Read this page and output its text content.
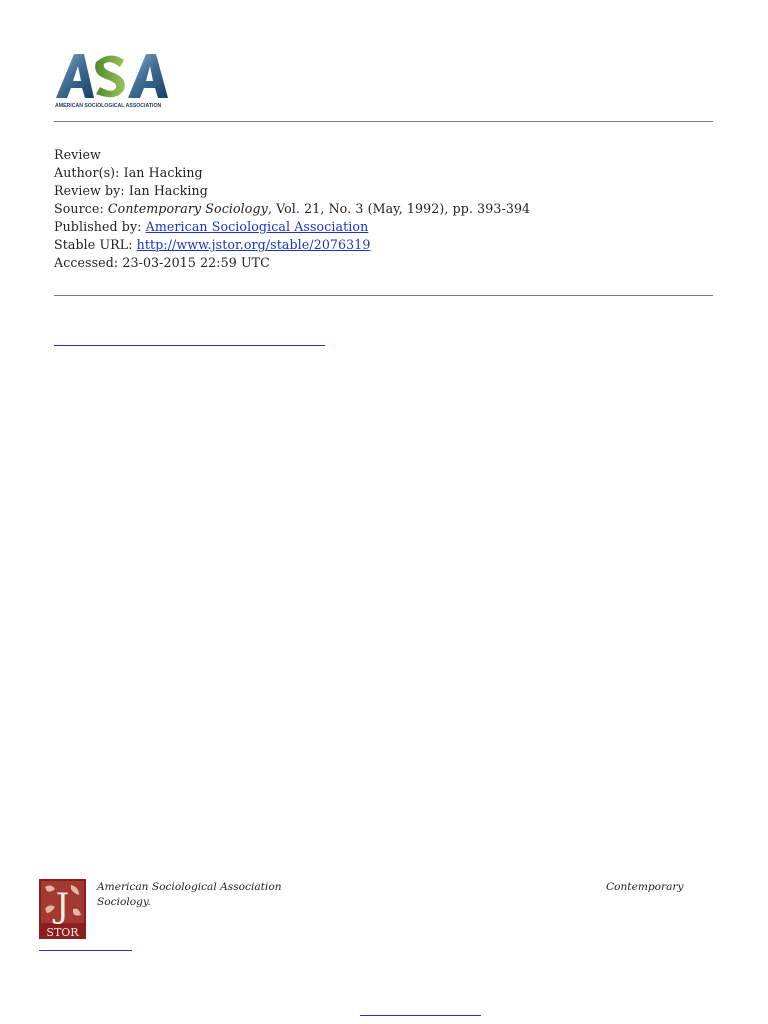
AMERICAN SOCIOLOGICAL ASSOCIATION
Review
Author(s): Ian Hacking
Review by: Ian Hacking
Source: Contemporary Sociology, Vol. 21, No. 3 (May, 1992), pp. 393-394
Published by: American Sociological Association
Stable URL: http://www.jstor.org/stable/2076319
Accessed: 23-03-2015 22:59 UTC
J
STOR
American Sociological Association
Sociology.
Contemporary
